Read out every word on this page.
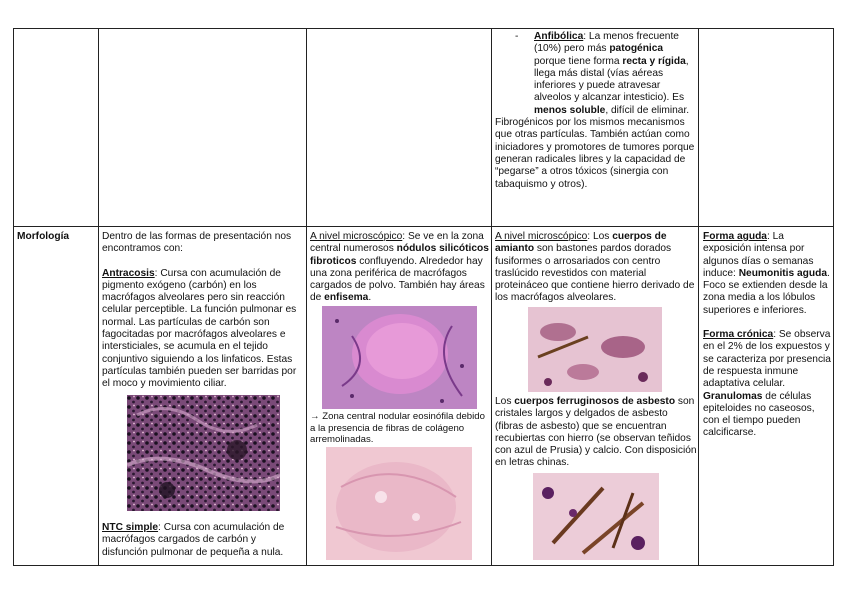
- Anfibólica: La menos frecuente (10%) pero más patogénica porque tiene forma recta y rígida, llega más distal (vías aéreas inferiores y puede atravesar alveolos y alcanzar intesticio). Es menos soluble, difícil de eliminar.

Fibrogénicos por los mismos mecanismos que otras partículas. También actúan como iniciadores y promotores de tumores porque generan radicales libres y la capacidad de “pegarse” a otros tóxicos (sinergia con tabaquismo y otros).

Morfología	Dentro de las formas de presentación nos encontramos con:

Antracosis: Cursa con acumulación de pigmento exógeno (carbón) en los macrófagos alveolares pero sin reacción celular perceptible. La función pulmonar es normal. Las partículas de carbón son fagocitadas por macrófagos alveolares e intersticiales, se acumula en el tejido conjuntivo siguiendo a los linfaticos. Estas partículas también pueden ser barridas por el moco y movimiento ciliar.

NTC simple: Cursa con acumulación de macrófagos cargados de carbón y disfunción pulmonar de pequeña a nula.

A nivel microscópico: Se ve en la zona central numerosos nódulos silicóticos fibroticos confluyendo. Alrededor hay una zona periférica de macrófagos cargados de polvo. También hay áreas de enfisema.

→ Zona central nodular eosinófila debido a la presencia de fibras de colágeno arremolinadas.

A nivel microscópico: Los cuerpos de amianto son bastones pardos dorados fusiformes o arrosariados con centro traslúcido revestidos con material proteináceo que contiene hierro derivado de los macrófagos alveolares.

Los cuerpos ferruginosos de asbesto son cristales largos y delgados de asbesto (fibras de asbesto) que se encuentran recubiertas con hierro (se observan teñidos con azul de Prusia) y calcio. Con disposición en letras chinas.

Forma aguda: La exposición intensa por algunos días o semanas induce: Neumonitis aguda. Foco se extienden desde la zona media a los lóbulos superiores e inferiores.

Forma crónica: Se observa en el 2% de los expuestos y se caracteriza por presencia de respuesta inmune adaptativa celular.

Granulomas de células epiteloides no caseosos, con el tiempo pueden calcificarse.
